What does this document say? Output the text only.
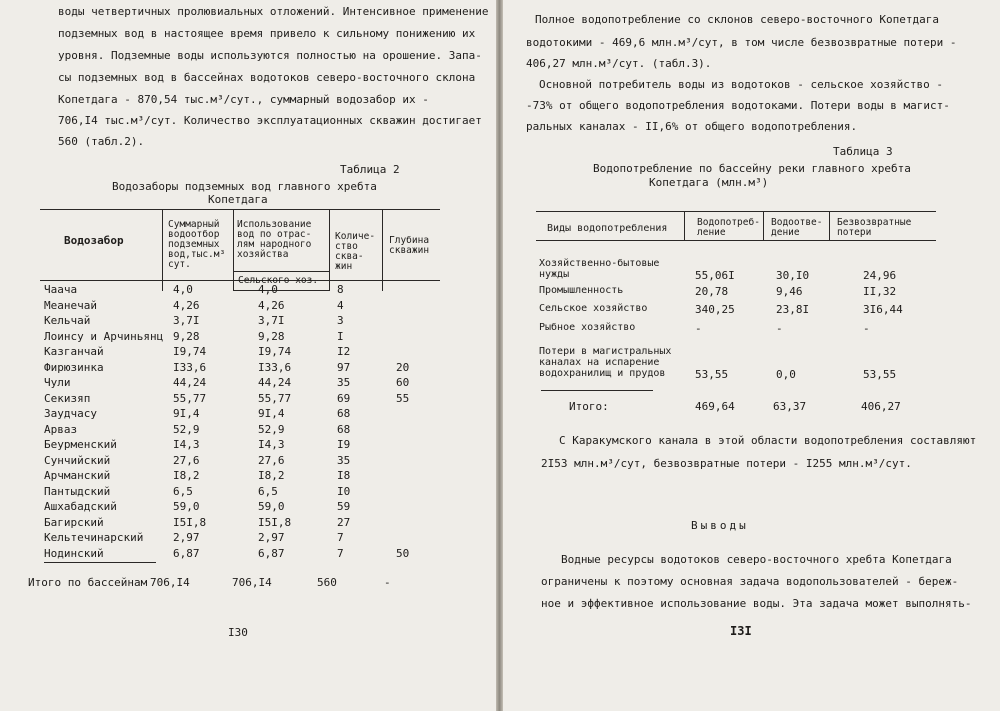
воды четвертичных пролювиальных отложений. Интенсивное применение
подземных вод в настоящее время привело к сильному понижению их
уровня. Подземные воды используются полностью на орошение. Запа-
сы подземных вод в бассейнах водотоков северо-восточного склона
Копетдага - 870,54 тыс.м³/сут., суммарный водозабор их -
706,I4 тыс.м³/сут. Количество эксплуатационных скважин достигает
560 (табл.2).
Таблица 2
Водозаборы подземных вод главного хребта
Копетдага
Водозабор
Суммарный
водоотбор
подземных
вод,тыс.м³
сут.
Использование
вод по отрас-
лям народного
хозяйства
Сельского хоз.
Количе-
ство
сква-
жин
Глубина
скважин
Чаача	4,0	4,0	8
Меанечай	4,26	4,26	4
Кельчай	3,7I	3,7I	3
Лоинсу и Арчиньянц 9,28	9,28	I
Казганчай	I9,74	I9,74	I2
Фирюзинка	I33,6	I33,6	97	20
Чули	44,24	44,24	35	60
Секизяп	55,77	55,77	69	55
Заудчасу	9I,4	9I,4	68
Арваз	52,9	52,9	68
Беурменский	I4,3	I4,3	I9
Сунчийский	27,6	27,6	35
Арчманский	I8,2	I8,2	I8
Пантыдский	6,5	6,5	I0
Ашхабадский	59,0	59,0	59
Багирский	I5I,8	I5I,8	27
Кельтечинарский	2,97	2,97	7
Нодинский	6,87	6,87	7	50
Итого по бассейнам 706,I4	706,I4	560	-
I30
Полное водопотребление со склонов северо-восточного Копетдага
водотокими - 469,6 млн.м³/сут, в том числе безвозвратные потери -
406,27 млн.м³/сут. (табл.3).
Основной потребитель воды из водотоков - сельское хозяйство -
-73% от общего водопотребления водотоками. Потери воды в магист-
ральных каналах - II,6% от общего водопотребления.
Таблица 3
Водопотребление по бассейну реки главного хребта
Копетдага (млн.м³)
Виды водопотребления
Водопотреб-
ление
Водоотве-
дение
Безвозвратные
потери
Хозяйственно-бытовые
нужды	55,06I	30,I0	24,96
Промышленность	20,78	9,46	II,32
Сельское хозяйство	340,25	23,8I	3I6,44
Рыбное хозяйство	-	-	-
Потери в магистральных
каналах на испарение
водохранилищ и прудов	53,55	0,0	53,55
Итого:	469,64	63,37	406,27
С Каракумского канала в этой области водопотребления составляют
2I53 млн.м³/сут, безвозвратные потери - I255 млн.м³/сут.
Выводы
Водные ресурсы водотоков северо-восточного хребта Копетдага
ограничены к поэтому основная задача водопользователей - береж-
ное и эффективное использование воды. Эта задача может выполнять-
I3I
